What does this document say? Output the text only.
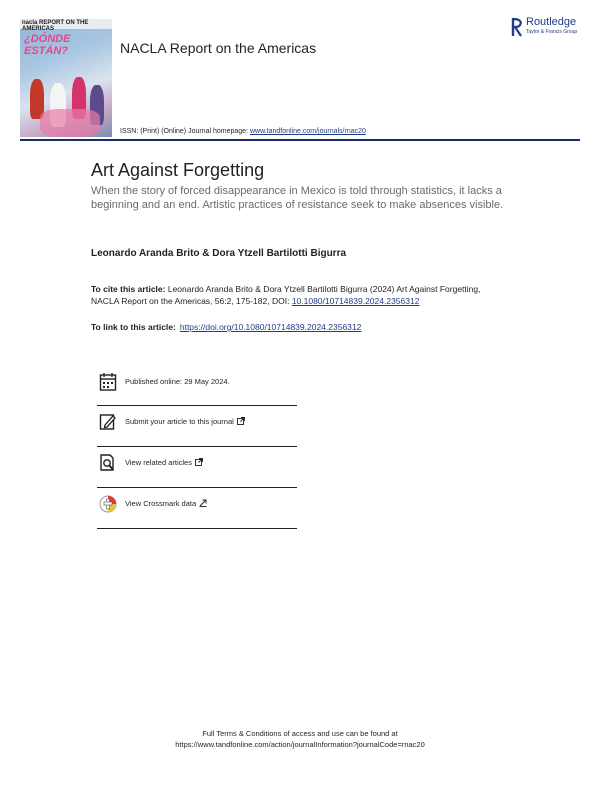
nacla REPORT ON THE AMERICAS
¿DÓNDE
ESTÁN?	NACLA Report on the Americas
Routledge
Taylor & Francis Group
ISSN: (Print) (Online) Journal homepage: www.tandfonline.com/journals/rnac20
Art Against Forgetting
When the story of forced disappearance in Mexico is told through statistics, it lacks a beginning and an end. Artistic practices of resistance seek to make absences visible.
Leonardo Aranda Brito & Dora Ytzell Bartilotti Bigurra
To cite this article: Leonardo Aranda Brito & Dora Ytzell Bartilotti Bigurra (2024) Art Against Forgetting, NACLA Report on the Americas, 56:2, 175-182, DOI: 10.1080/10714839.2024.2356312
To link to this article: https://doi.org/10.1080/10714839.2024.2356312
Published online: 29 May 2024.
Submit your article to this journal
View related articles
View Crossmark data
Full Terms & Conditions of access and use can be found at
https://www.tandfonline.com/action/journalInformation?journalCode=rnac20
